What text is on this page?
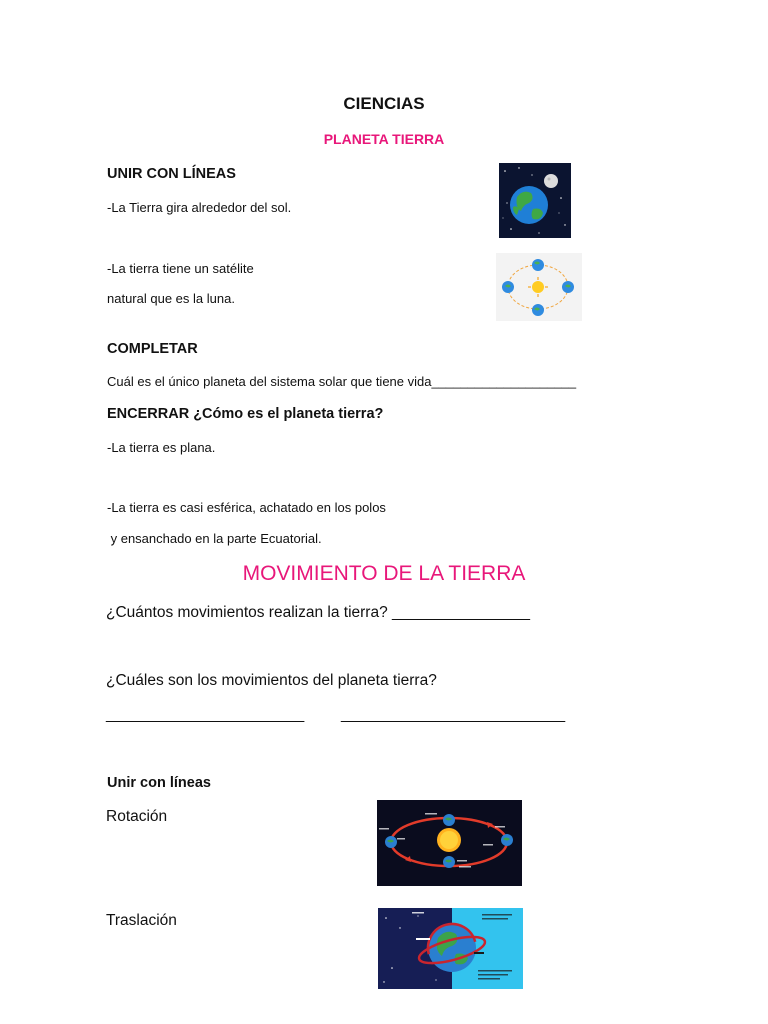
CIENCIAS
PLANETA TIERRA
UNIR CON LÍNEAS
-La Tierra gira alrededor del sol.
-La tierra tiene un satélite
natural que es la luna.
COMPLETAR
Cuál es el único planeta del sistema solar que tiene vida____________________
ENCERRAR ¿Cómo es el planeta tierra?
-La tierra es plana.
-La tierra es casi esférica, achatado en los polos
y ensanchado en la parte Ecuatorial.
MOVIMIENTO DE LA TIERRA
¿Cuántos movimientos realizan la tierra? ________________
¿Cuáles son los movimientos del planeta tierra?
_______________________ __________________________
Unir con líneas
Rotación
Traslación
